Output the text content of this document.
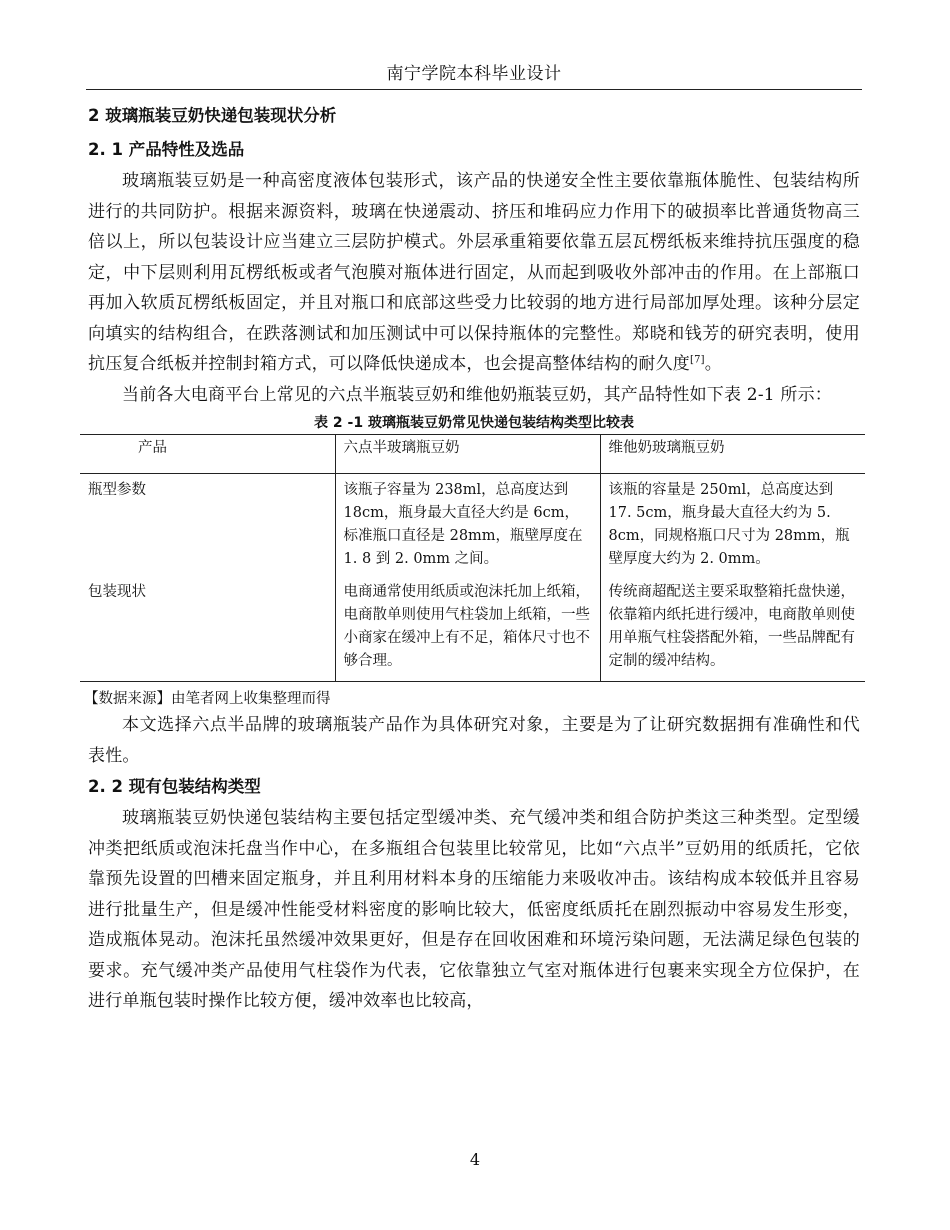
南宁学院本科毕业设计
2 玻璃瓶装豆奶快递包装现状分析
2. 1 产品特性及选品

玻璃瓶装豆奶是一种高密度液体包装形式，该产品的快递安全性主要依靠瓶体脆性、包装结构所进行的共同防护。根据来源资料，玻璃在快递震动、挤压和堆码应力作用下的破损率比普通货物高三倍以上，所以包装设计应当建立三层防护模式。外层承重箱要依靠五层瓦楞纸板来维持抗压强度的稳定，中下层则利用瓦楞纸板或者气泡膜对瓶体进行固定，从而起到吸收外部冲击的作用。在上部瓶口再加入软质瓦楞纸板固定，并且对瓶口和底部这些受力比较弱的地方进行局部加厚处理。该种分层定向填实的结构组合，在跌落测试和加压测试中可以保持瓶体的完整性。郑晓和钱芳的研究表明，使用抗压复合纸板并控制封箱方式，可以降低快递成本，也会提高整体结构的耐久度[7]。

当前各大电商平台上常见的六点半瓶装豆奶和维他奶瓶装豆奶，其产品特性如下表 2-1 所示：

表 2 -1 玻璃瓶装豆奶常见快递包装结构类型比较表
产品	六点半玻璃瓶豆奶	维他奶玻璃瓶豆奶
瓶型参数	该瓶子容量为 238ml，总高度达到 18cm，瓶身最大直径大约是 6cm，标准瓶口直径是 28mm，瓶壁厚度在 1. 8 到 2. 0mm 之间。	该瓶的容量是 250ml，总高度达到 17. 5cm，瓶身最大直径大约为 5. 8cm，同规格瓶口尺寸为 28mm，瓶壁厚度大约为 2. 0mm。
包装现状	电商通常使用纸质或泡沫托加上纸箱，电商散单则使用气柱袋加上纸箱，一些小商家在缓冲上有不足，箱体尺寸也不够合理。	传统商超配送主要采取整箱托盘快递，依靠箱内纸托进行缓冲，电商散单则使用单瓶气柱袋搭配外箱，一些品牌配有定制的缓冲结构。
【数据来源】由笔者网上收集整理而得

本文选择六点半品牌的玻璃瓶装产品作为具体研究对象，主要是为了让研究数据拥有准确性和代表性。

2. 2 现有包装结构类型

玻璃瓶装豆奶快递包装结构主要包括定型缓冲类、充气缓冲类和组合防护类这三种类型。定型缓冲类把纸质或泡沫托盘当作中心，在多瓶组合包装里比较常见，比如“六点半”豆奶用的纸质托，它依靠预先设置的凹槽来固定瓶身，并且利用材料本身的压缩能力来吸收冲击。该结构成本较低并且容易进行批量生产，但是缓冲性能受材料密度的影响比较大，低密度纸质托在剧烈振动中容易发生形变，造成瓶体晃动。泡沫托虽然缓冲效果更好，但是存在回收困难和环境污染问题，无法满足绿色包装的要求。充气缓冲类产品使用气柱袋作为代表，它依靠独立气室对瓶体进行包裹来实现全方位保护，在进行单瓶包装时操作比较方便，缓冲效率也比较高，

4
